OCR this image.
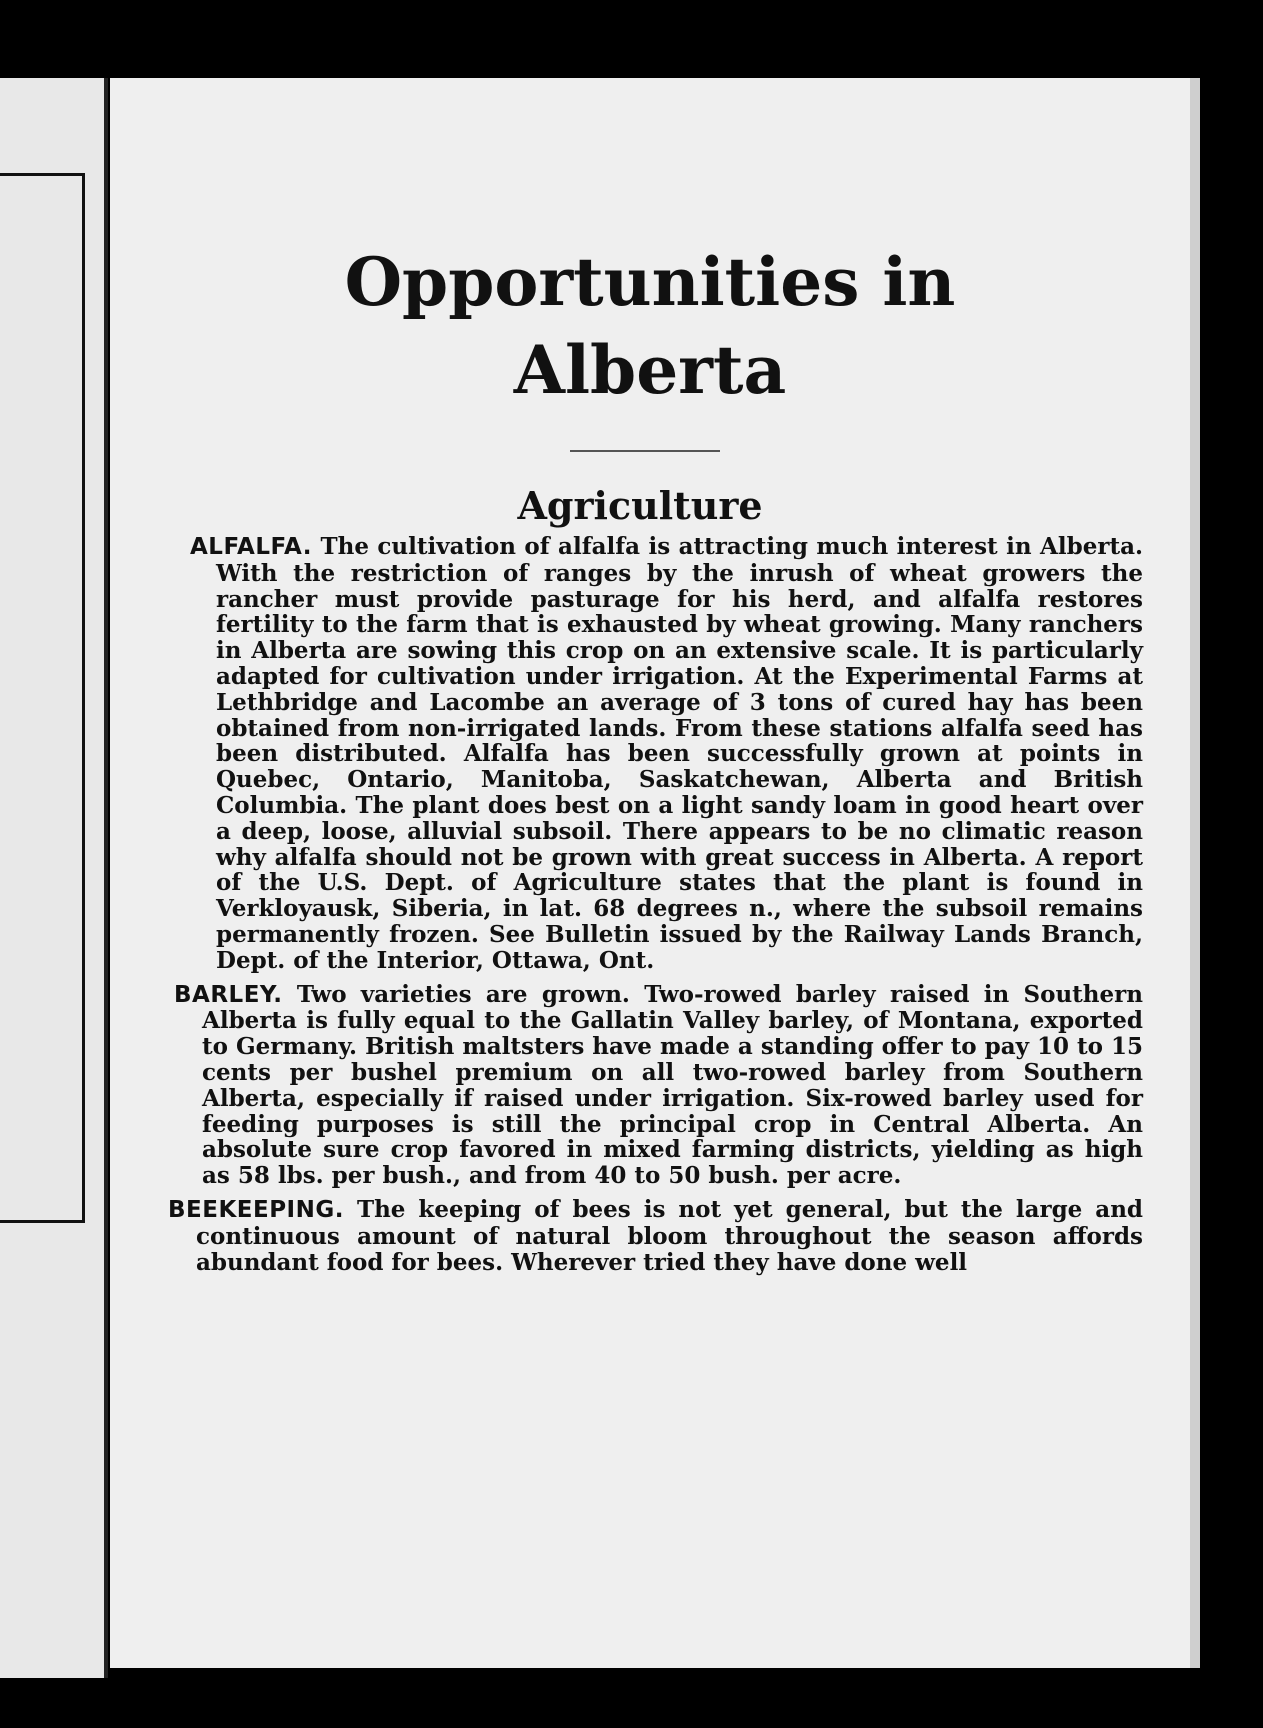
Opportunities in
Alberta
Agriculture

ALFALFA. The cultivation of alfalfa is attracting much interest in Alberta. With the restriction of ranges by the inrush of wheat growers the rancher must provide pasturage for his herd, and alfalfa restores fertility to the farm that is exhausted by wheat growing. Many ranchers in Alberta are sowing this crop on an extensive scale. It is particularly adapted for cultivation under irrigation. At the Experimental Farms at Lethbridge and Lacombe an average of 3 tons of cured hay has been obtained from non-irrigated lands. From these stations alfalfa seed has been distributed. Alfalfa has been successfully grown at points in Quebec, Ontario, Manitoba, Saskatchewan, Alberta and British Columbia. The plant does best on a light sandy loam in good heart over a deep, loose, alluvial subsoil. There appears to be no climatic reason why alfalfa should not be grown with great success in Alberta. A report of the U.S. Dept. of Agriculture states that the plant is found in Verkloyausk, Siberia, in lat. 68 degrees n., where the subsoil remains permanently frozen. See Bulletin issued by the Railway Lands Branch, Dept. of the Interior, Ottawa, Ont.

BARLEY. Two varieties are grown. Two-rowed barley raised in Southern Alberta is fully equal to the Gallatin Valley barley, of Montana, exported to Germany. British maltsters have made a standing offer to pay 10 to 15 cents per bushel premium on all two-rowed barley from Southern Alberta, especially if raised under irrigation. Six-rowed barley used for feeding purposes is still the principal crop in Central Alberta. An absolute sure crop favored in mixed farming districts, yielding as high as 58 lbs. per bush., and from 40 to 50 bush. per acre.

BEEKEEPING. The keeping of bees is not yet general, but the large and continuous amount of natural bloom throughout the season affords abundant food for bees. Wherever tried they have done well
